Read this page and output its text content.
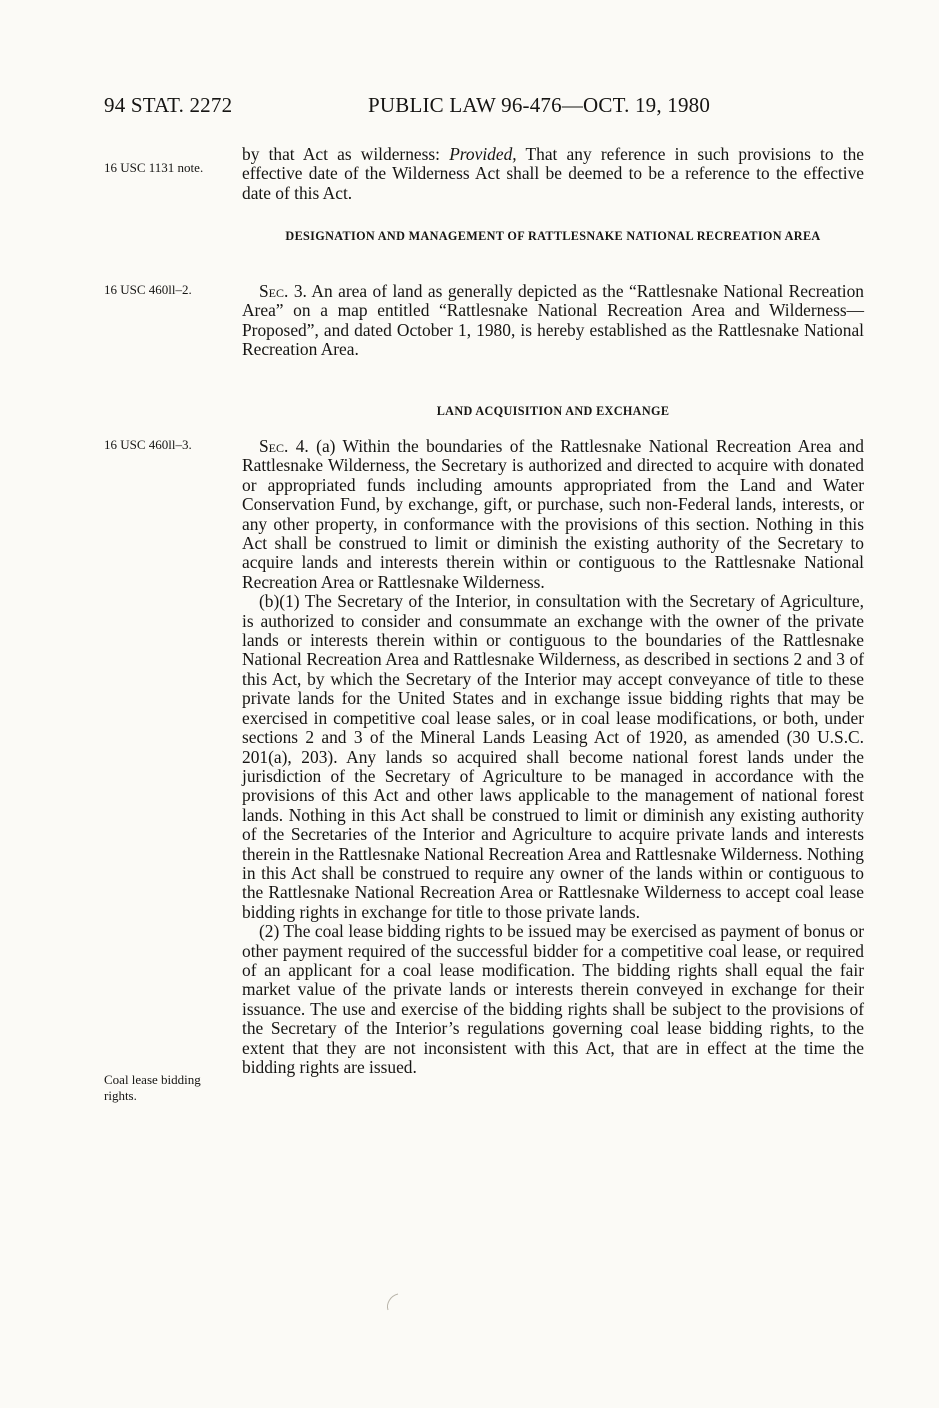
94 STAT. 2272	PUBLIC LAW 96-476—OCT. 19, 1980
16 USC 1131 note.

by that Act as wilderness: Provided, That any reference in such provisions to the effective date of the Wilderness Act shall be deemed to be a reference to the effective date of this Act.

DESIGNATION AND MANAGEMENT OF RATTLESNAKE NATIONAL RECREATION AREA
16 USC 460ll–2.	Sec. 3. An area of land as generally depicted as the “Rattlesnake National Recreation Area” on a map entitled “Rattlesnake National Recreation Area and Wilderness—Proposed”, and dated October 1, 1980, is hereby established as the Rattlesnake National Recreation Area.

LAND ACQUISITION AND EXCHANGE
16 USC 460ll–3.	Sec. 4. (a) Within the boundaries of the Rattlesnake National Recreation Area and Rattlesnake Wilderness, the Secretary is authorized and directed to acquire with donated or appropriated funds including amounts appropriated from the Land and Water Conservation Fund, by exchange, gift, or purchase, such non-Federal lands, interests, or any other property, in conformance with the provisions of this section. Nothing in this Act shall be construed to limit or diminish the existing authority of the Secretary to acquire lands and interests therein within or contiguous to the Rattlesnake National Recreation Area or Rattlesnake Wilderness.

(b)(1) The Secretary of the Interior, in consultation with the Secretary of Agriculture, is authorized to consider and consummate an exchange with the owner of the private lands or interests therein within or contiguous to the boundaries of the Rattlesnake National Recreation Area and Rattlesnake Wilderness, as described in sections 2 and 3 of this Act, by which the Secretary of the Interior may accept conveyance of title to these private lands for the United States and in exchange issue bidding rights that may be exercised in competitive coal lease sales, or in coal lease modifications, or both, under sections 2 and 3 of the Mineral Lands Leasing Act of 1920, as amended (30 U.S.C. 201(a), 203). Any lands so acquired shall become national forest lands under the jurisdiction of the Secretary of Agriculture to be managed in accordance with the provisions of this Act and other laws applicable to the management of national forest lands. Nothing in this Act shall be construed to limit or diminish any existing authority of the Secretaries of the Interior and Agriculture to acquire private lands and interests therein in the Rattlesnake National Recreation Area and Rattlesnake Wilderness. Nothing in this Act shall be construed to require any owner of the lands within or contiguous to the Rattlesnake National Recreation Area or Rattlesnake Wilderness to accept coal lease bidding rights in exchange for title to those private lands.

(2) The coal lease bidding rights to be issued may be exercised as payment of bonus or other payment required of the successful bidder for a competitive coal lease, or required of an applicant for a coal lease modification. The bidding rights shall equal the fair market value of the private lands or interests therein conveyed in exchange for their issuance. The use and exercise of the bidding rights shall be subject to the provisions of the Secretary of the Interior’s regulations governing coal lease bidding rights, to the extent that they are not inconsistent with this Act, that are in effect at the time the bidding rights are issued.

Coal lease bidding rights.
